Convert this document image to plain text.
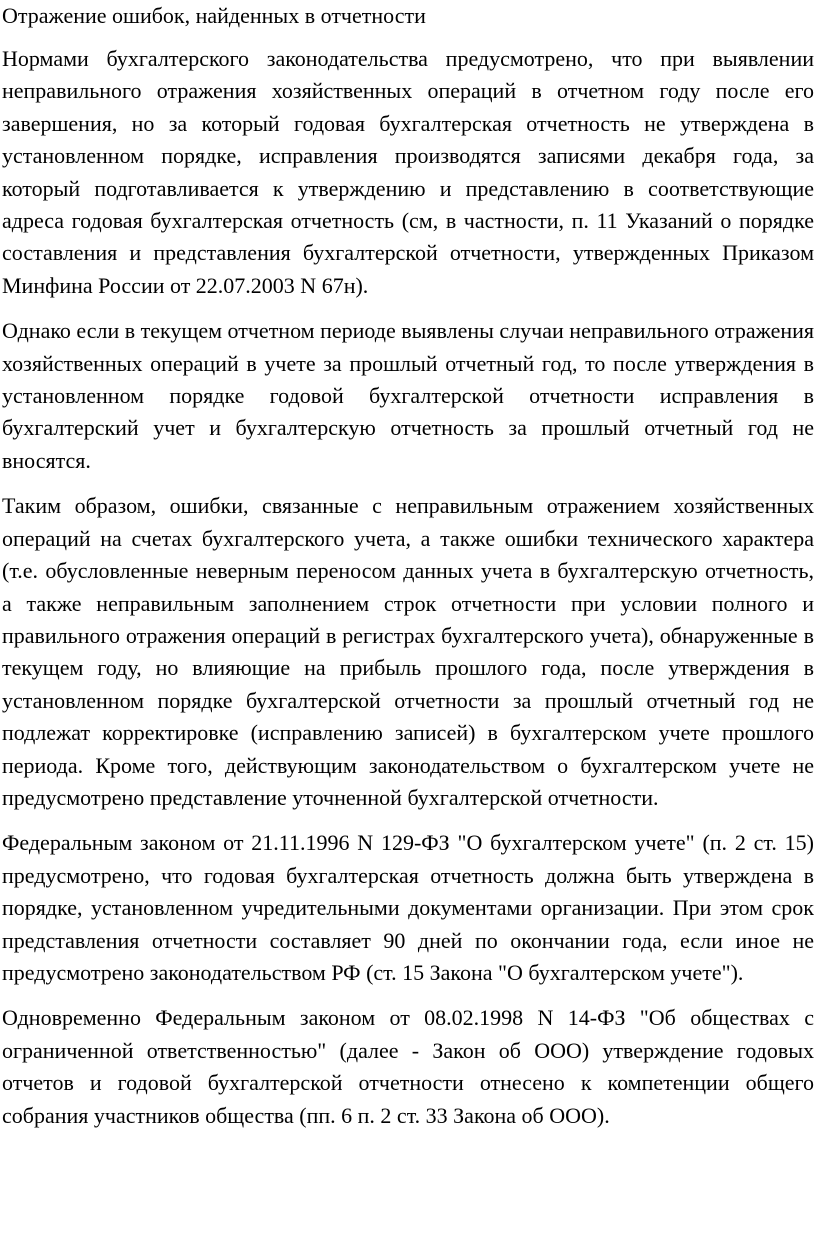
Отражение ошибок, найденных в отчетности

Нормами бухгалтерского законодательства предусмотрено, что при выявлении неправильного отражения хозяйственных операций в отчетном году после его завершения, но за который годовая бухгалтерская отчетность не утверждена в установленном порядке, исправления производятся записями декабря года, за который подготавливается к утверждению и представлению в соответствующие адреса годовая бухгалтерская отчетность (см, в частности, п. 11 Указаний о порядке составления и представления бухгалтерской отчетности, утвержденных Приказом Минфина России от 22.07.2003 N 67н).

Однако если в текущем отчетном периоде выявлены случаи неправильного отражения хозяйственных операций в учете за прошлый отчетный год, то после утверждения в установленном порядке годовой бухгалтерской отчетности исправления в бухгалтерский учет и бухгалтерскую отчетность за прошлый отчетный год не вносятся.

Таким образом, ошибки, связанные с неправильным отражением хозяйственных операций на счетах бухгалтерского учета, а также ошибки технического характера (т.е. обусловленные неверным переносом данных учета в бухгалтерскую отчетность, а также неправильным заполнением строк отчетности при условии полного и правильного отражения операций в регистрах бухгалтерского учета), обнаруженные в текущем году, но влияющие на прибыль прошлого года, после утверждения в установленном порядке бухгалтерской отчетности за прошлый отчетный год не подлежат корректировке (исправлению записей) в бухгалтерском учете прошлого периода. Кроме того, действующим законодательством о бухгалтерском учете не предусмотрено представление уточненной бухгалтерской отчетности.

Федеральным законом от 21.11.1996 N 129-ФЗ "О бухгалтерском учете" (п. 2 ст. 15) предусмотрено, что годовая бухгалтерская отчетность должна быть утверждена в порядке, установленном учредительными документами организации. При этом срок представления отчетности составляет 90 дней по окончании года, если иное не предусмотрено законодательством РФ (ст. 15 Закона "О бухгалтерском учете").

Одновременно Федеральным законом от 08.02.1998 N 14-ФЗ "Об обществах с ограниченной ответственностью" (далее - Закон об ООО) утверждение годовых отчетов и годовой бухгалтерской отчетности отнесено к компетенции общего собрания участников общества (пп. 6 п. 2 ст. 33 Закона об ООО).
